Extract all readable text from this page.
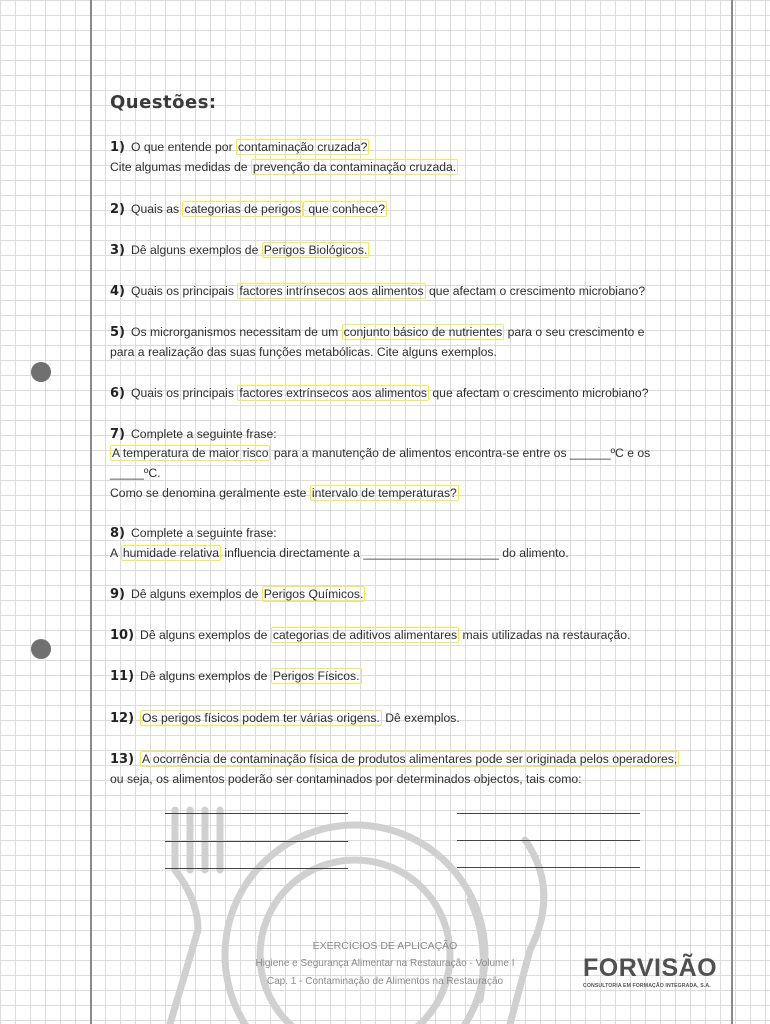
Questões:
1) O que entende por contaminação cruzada?
Cite algumas medidas de prevenção da contaminação cruzada.
2) Quais as categorias de perigos que conhece?
3) Dê alguns exemplos de Perigos Biológicos.
4) Quais os principais factores intrínsecos aos alimentos que afectam o crescimento microbiano?
5) Os microrganismos necessitam de um conjunto básico de nutrientes para o seu crescimento e
para a realização das suas funções metabólicas. Cite alguns exemplos.
6) Quais os principais factores extrínsecos aos alimentos que afectam o crescimento microbiano?
7) Complete a seguinte frase:
A temperatura de maior risco para a manutenção de alimentos encontra-se entre os ______ºC e os
_____ºC.
Como se denomina geralmente este intervalo de temperaturas?
8) Complete a seguinte frase:
A humidade relativa influencia directamente a ____________________ do alimento.
9) Dê alguns exemplos de Perigos Químicos.
10) Dê alguns exemplos de categorias de aditivos alimentares mais utilizadas na restauração.
11) Dê alguns exemplos de Perigos Físicos.
12) Os perigos físicos podem ter várias origens. Dê exemplos.
13) A ocorrência de contaminação física de produtos alimentares pode ser originada pelos operadores,
ou seja, os alimentos poderão ser contaminados por determinados objectos, tais como:
EXERCÍCIOS DE APLICAÇÃO
Higiene e Segurança Alimentar na Restauração - Volume I
Cap. 1 - Contaminação de Alimentos na Restauração	FORVISÃO
CONSULTORIA EM FORMAÇÃO INTEGRADA, S.A.
